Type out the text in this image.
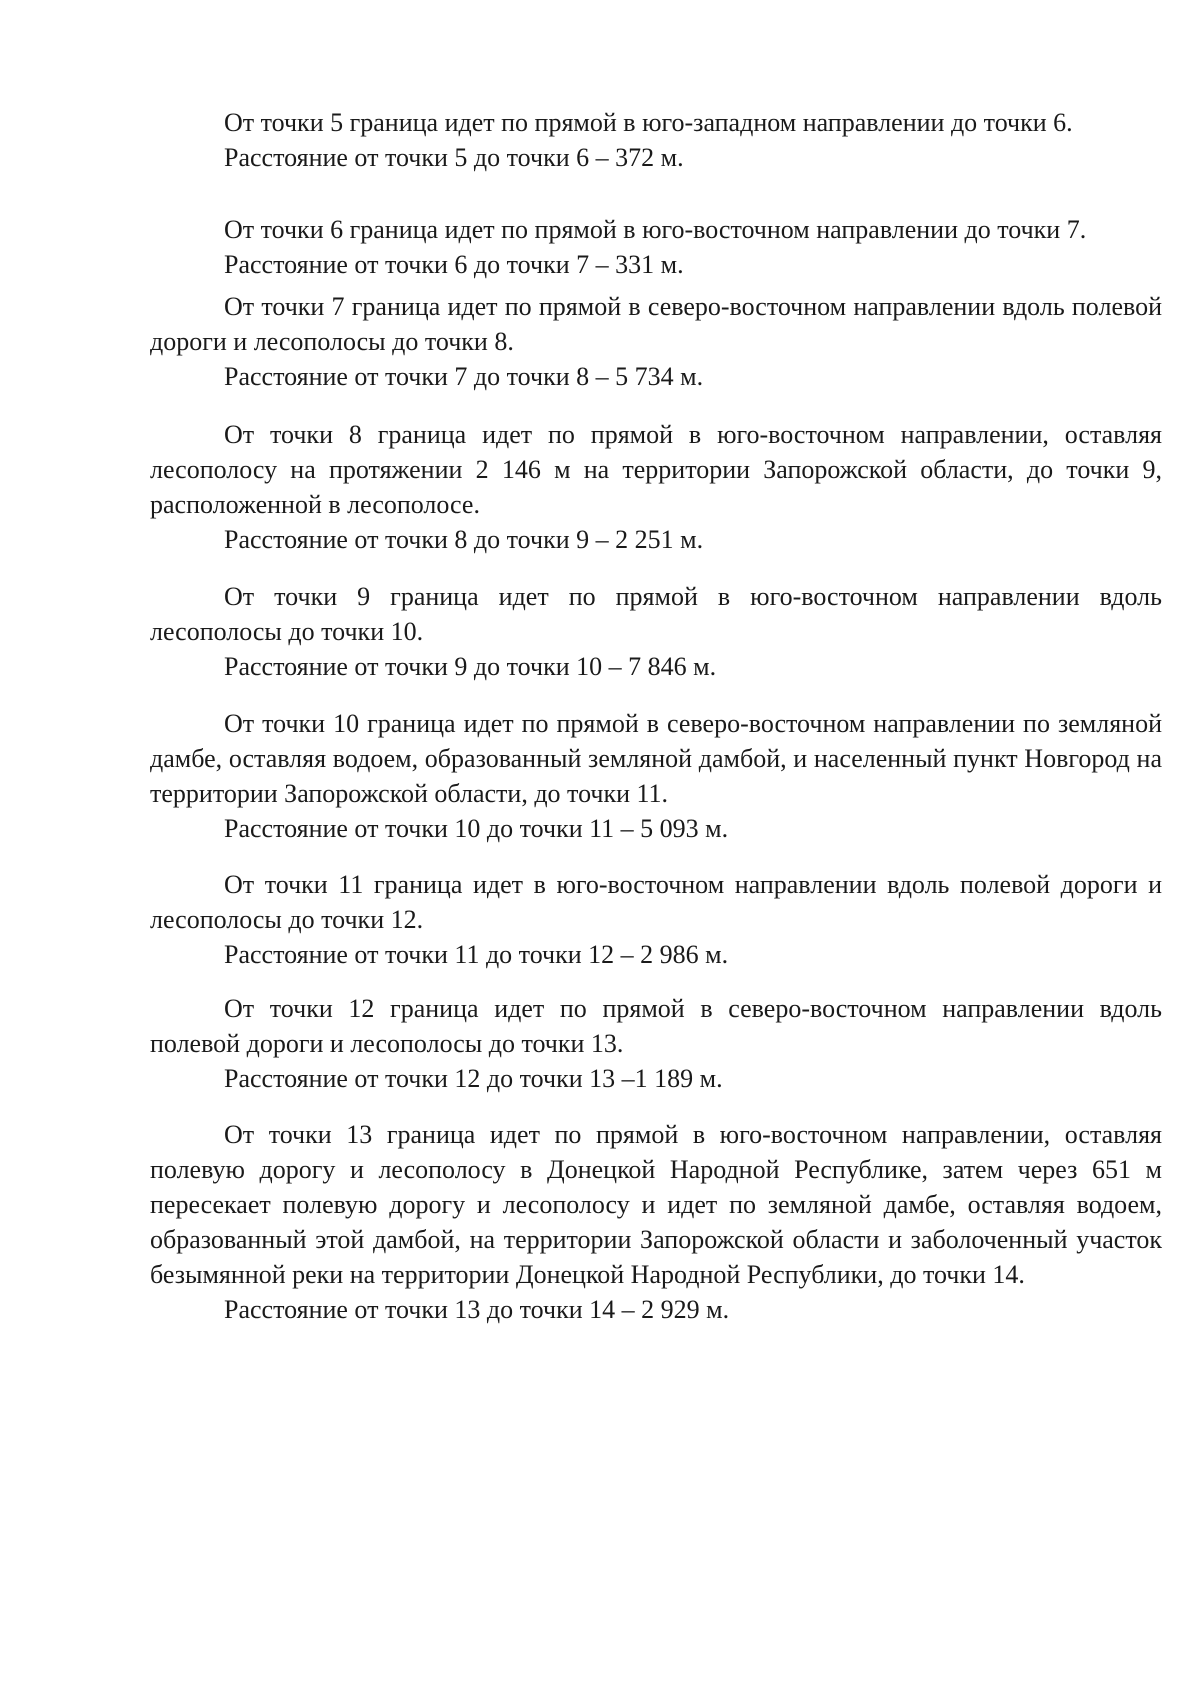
От точки 5 граница идет по прямой в юго-западном направлении до точки 6.

Расстояние от точки 5 до точки 6 – 372 м.

От точки 6 граница идет по прямой в юго-восточном направлении до точки 7.

Расстояние от точки 6 до точки 7 – 331 м.

От точки 7 граница идет по прямой в северо-восточном направлении вдоль полевой дороги и лесополосы до точки 8.

Расстояние от точки 7 до точки 8 – 5 734 м.

От точки 8 граница идет по прямой в юго-восточном направлении, оставляя лесополосу на протяжении 2 146 м на территории Запорожской области, до точки 9, расположенной в лесополосе.

Расстояние от точки 8 до точки 9 – 2 251 м.

От точки 9 граница идет по прямой в юго-восточном направлении вдоль лесополосы до точки 10.

Расстояние от точки 9 до точки 10 – 7 846 м.

От точки 10 граница идет по прямой в северо-восточном направлении по земляной дамбе, оставляя водоем, образованный земляной дамбой, и населенный пункт Новгород на территории Запорожской области, до точки 11.

Расстояние от точки 10 до точки 11 – 5 093 м.

От точки 11 граница идет в юго-восточном направлении вдоль полевой дороги и лесополосы до точки 12.

Расстояние от точки 11 до точки 12 – 2 986 м.

От точки 12 граница идет по прямой в северо-восточном направлении вдоль полевой дороги и лесополосы до точки 13.

Расстояние от точки 12 до точки 13 –1 189 м.

От точки 13 граница идет по прямой в юго-восточном направлении, оставляя полевую дорогу и лесополосу в Донецкой Народной Республике, затем через 651 м пересекает полевую дорогу и лесополосу и идет по земляной дамбе, оставляя водоем, образованный этой дамбой, на территории Запорожской области и заболоченный участок безымянной реки на территории Донецкой Народной Республики, до точки 14.

Расстояние от точки 13 до точки 14 – 2 929 м.
